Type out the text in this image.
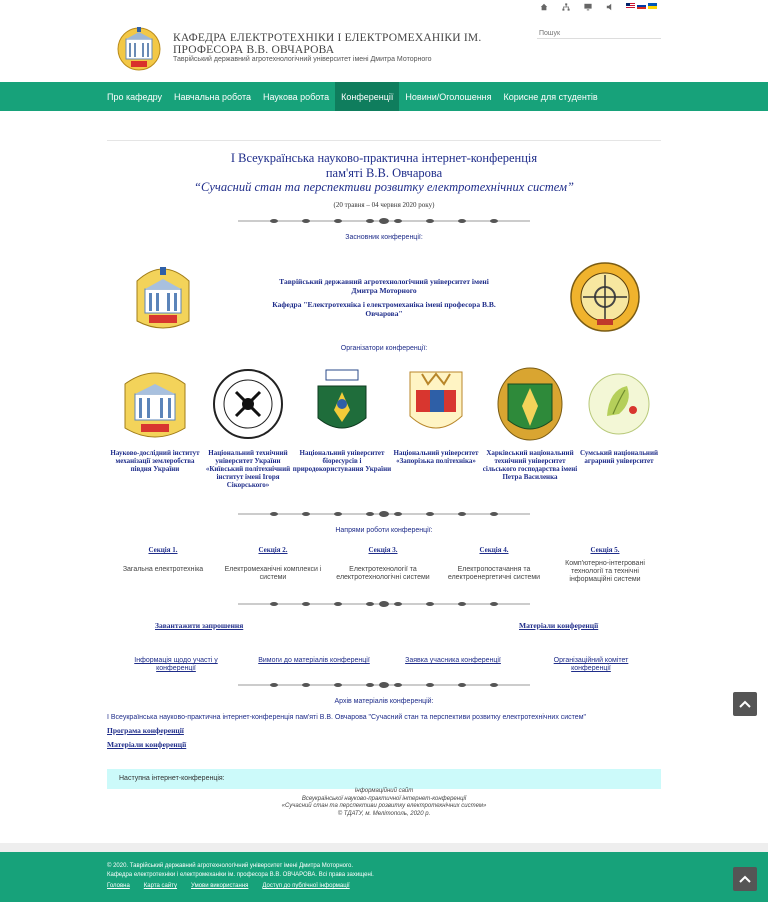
КАФЕДРА ЕЛЕКТРОТЕХНІКИ І ЕЛЕКТРОМЕХАНІКИ ІМ. ПРОФЕСОРА В.В. ОВЧАРОВА
Таврійський державний агротехнологічний університет імені Дмитра Моторного
Пошук
Про кафедру	Навчальна робота	Наукова робота	Конференції	Новини/Оголошення	Корисне для студентів
I Всеукраїнська науково-практична інтернет-конференція
пам'яті В.В. Овчарова
“Сучасний стан та перспективи розвитку електротехнічних систем”
(20 травня – 04 червня 2020 року)
Засновник конференції:

Таврійський державний агротехнологічний університет імені Дмитра Моторного

Кафедра "Електротехніка і електромеханіка імені професора В.В. Овчарова"

Організатори конференції:
Науково-дослідний інститут механізації землеробства півдня України
Національний технічний університет України «Київський політехнічний інститут імені Ігоря Сікорського»
Національний університет біоресурсів і природокористування України
Національний університет «Запорізька політехніка»
Харківський національний технічний університет сільського господарства імені Петра Василенка
Сумський національний аграрний університет
Напрями роботи конференції:
Секція 1.
Загальна електротехніка
Секція 2.
Електромеханічні комплекси і системи
Секція 3.
Електротехнології та електротехнологічні системи
Секція 4.
Електропостачання та електроенергетичні системи
Секція 5.
Комп'ютерно-інтегровані технології та технічні інформаційні системи
Завантажити запрошення	Матеріали конференції
Інформація щодо участі у конференції
Вимоги до матеріалів конференції	Заявка учасника конференції	Організаційний комітет конференції
Архів матеріалів конференцій:
I Всеукраїнська науково-практична інтернет-конференція пам'яті В.В. Овчарова "Сучасний стан та перспективи розвитку електротехнічних систем"
Програма конференції
Матеріали конференції
Наступна інтернет-конференція:
Інформаційний сайт
Всеукраїнської науково-практичної інтернет-конференції
«Сучасний стан та перспективи розвитку електротехнічних систем»
© ТДАТУ, м. Мелітополь, 2020 р.
© 2020. Таврійський державний агротехнологічний університет імені Дмитра Моторного.
Кафедра електротехніки і електромеханіки ім. професора В.В. ОВЧАРОВА. Всі права захищені.
Головна Карта сайту Умови використання Доступ до публічної інформації
